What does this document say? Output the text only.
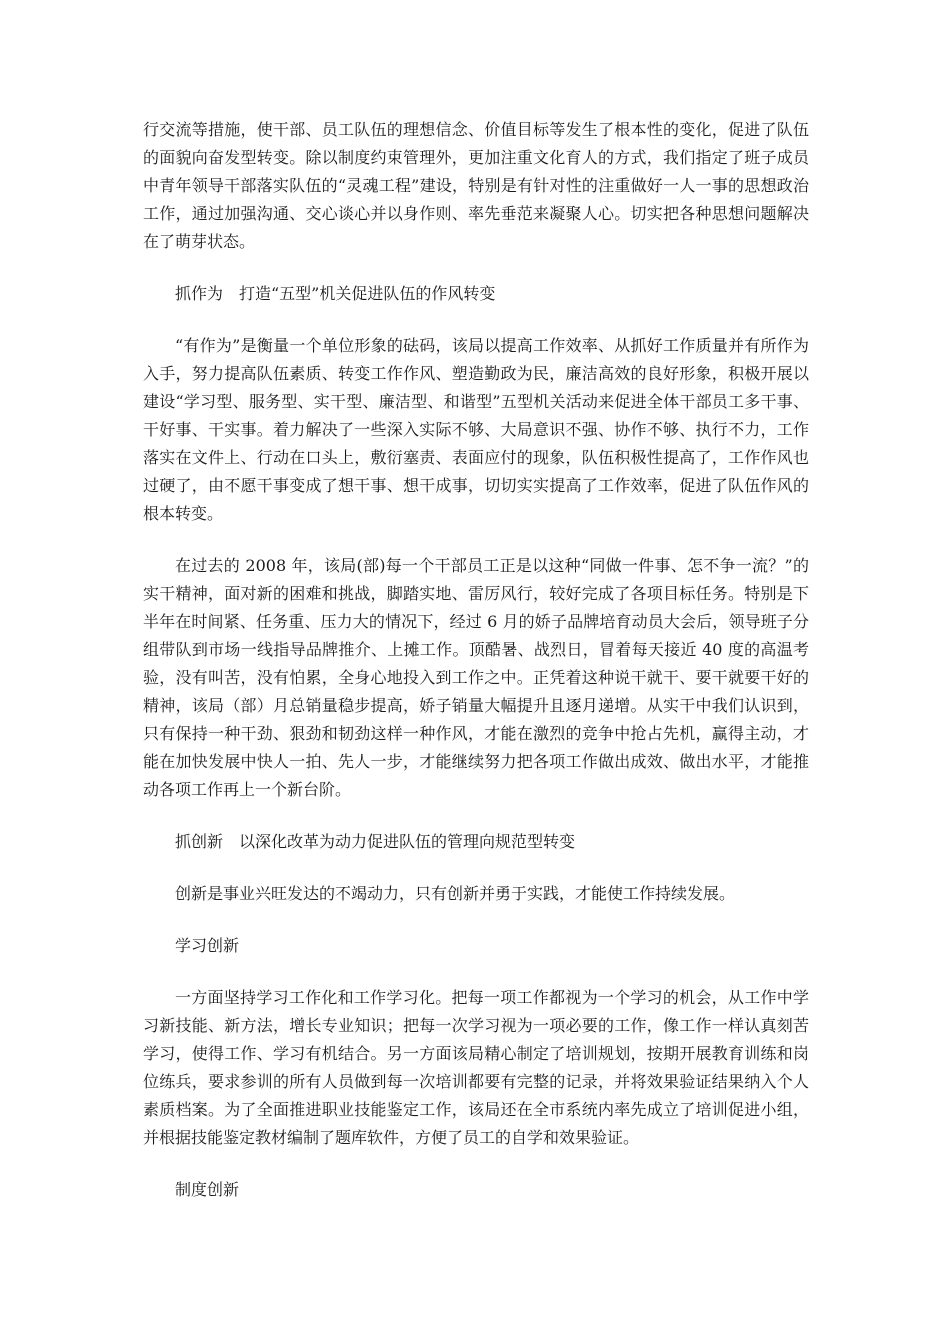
行交流等措施，使干部、员工队伍的理想信念、价值目标等发生了根本性的变化，促进了队伍的面貌向奋发型转变。除以制度约束管理外，更加注重文化育人的方式，我们指定了班子成员中青年领导干部落实队伍的“灵魂工程”建设，特别是有针对性的注重做好一人一事的思想政治工作，通过加强沟通、交心谈心并以身作则、率先垂范来凝聚人心。切实把各种思想问题解决在了萌芽状态。

抓作为　打造“五型”机关促进队伍的作风转变

“有作为”是衡量一个单位形象的砝码，该局以提高工作效率、从抓好工作质量并有所作为入手，努力提高队伍素质、转变工作作风、塑造勤政为民，廉洁高效的良好形象，积极开展以建设“学习型、服务型、实干型、廉洁型、和谐型”五型机关活动来促进全体干部员工多干事、干好事、干实事。着力解决了一些深入实际不够、大局意识不强、协作不够、执行不力，工作落实在文件上、行动在口头上，敷衍塞责、表面应付的现象，队伍积极性提高了，工作作风也过硬了，由不愿干事变成了想干事、想干成事，切切实实提高了工作效率，促进了队伍作风的根本转变。

在过去的 2008 年，该局(部)每一个干部员工正是以这种“同做一件事、怎不争一流？”的实干精神，面对新的困难和挑战，脚踏实地、雷厉风行，较好完成了各项目标任务。特别是下半年在时间紧、任务重、压力大的情况下，经过 6 月的娇子品牌培育动员大会后，领导班子分组带队到市场一线指导品牌推介、上摊工作。顶酷暑、战烈日，冒着每天接近 40 度的高温考验，没有叫苦，没有怕累，全身心地投入到工作之中。正凭着这种说干就干、要干就要干好的精神，该局（部）月总销量稳步提高，娇子销量大幅提升且逐月递增。从实干中我们认识到，只有保持一种干劲、狠劲和韧劲这样一种作风，才能在激烈的竞争中抢占先机，赢得主动，才能在加快发展中快人一拍、先人一步，才能继续努力把各项工作做出成效、做出水平，才能推动各项工作再上一个新台阶。

抓创新　以深化改革为动力促进队伍的管理向规范型转变

创新是事业兴旺发达的不竭动力，只有创新并勇于实践，才能使工作持续发展。

学习创新

一方面坚持学习工作化和工作学习化。把每一项工作都视为一个学习的机会，从工作中学习新技能、新方法，增长专业知识；把每一次学习视为一项必要的工作，像工作一样认真刻苦学习，使得工作、学习有机结合。另一方面该局精心制定了培训规划，按期开展教育训练和岗位练兵，要求参训的所有人员做到每一次培训都要有完整的记录，并将效果验证结果纳入个人素质档案。为了全面推进职业技能鉴定工作，该局还在全市系统内率先成立了培训促进小组，并根据技能鉴定教材编制了题库软件，方便了员工的自学和效果验证。

制度创新
